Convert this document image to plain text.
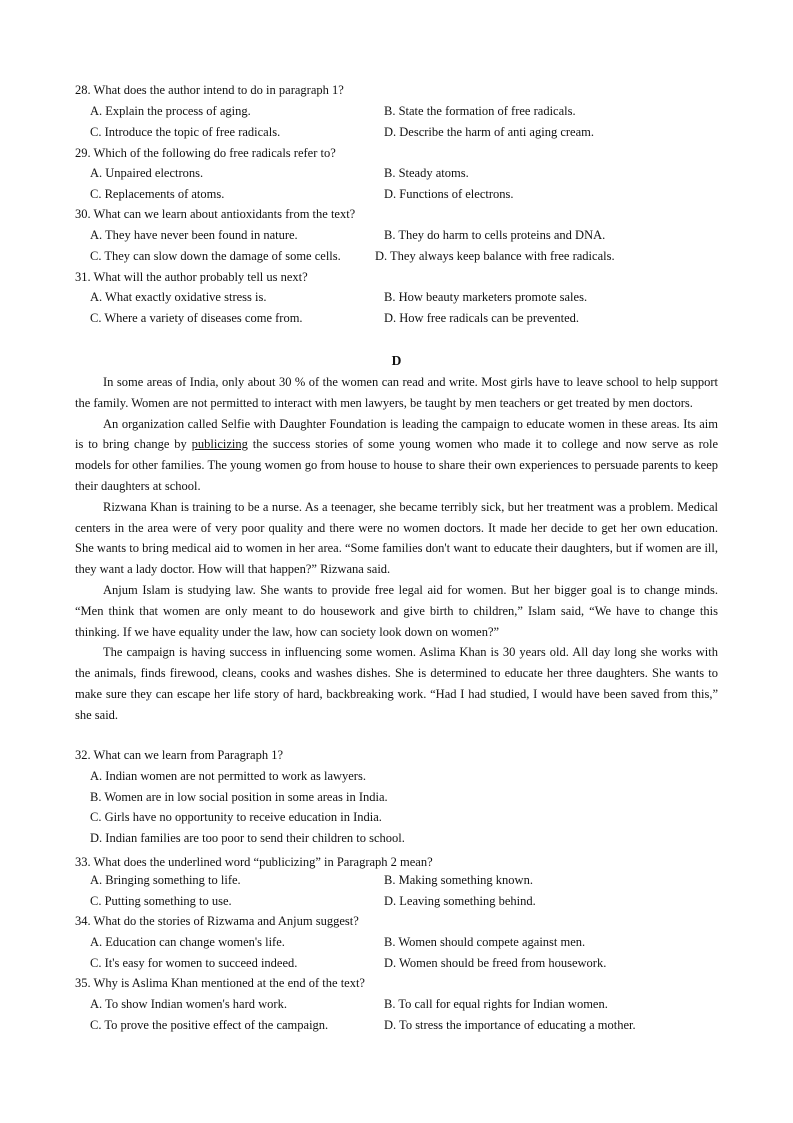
28. What does the author intend to do in paragraph 1?
A. Explain the process of aging.	B. State the formation of free radicals.
C. Introduce the topic of free radicals.	D. Describe the harm of anti aging cream.
29. Which of the following do free radicals refer to?
A. Unpaired electrons.	B. Steady atoms.
C. Replacements of atoms.	D. Functions of electrons.
30. What can we learn about antioxidants from the text?
A. They have never been found in nature.	B. They do harm to cells proteins and DNA.
C. They can slow down the damage of some cells.	D. They always keep balance with free radicals.
31. What will the author probably tell us next?
A. What exactly oxidative stress is.	B. How beauty marketers promote sales.
C. Where a variety of diseases come from.	D. How free radicals can be prevented.
D

In some areas of India, only about 30 % of the women can read and write. Most girls have to leave school to help support the family. Women are not permitted to interact with men lawyers, be taught by men teachers or get treated by men doctors.

An organization called Selfie with Daughter Foundation is leading the campaign to educate women in these areas. Its aim is to bring change by publicizing the success stories of some young women who made it to college and now serve as role models for other families. The young women go from house to house to share their own experiences to persuade parents to keep their daughters at school.

Rizwana Khan is training to be a nurse. As a teenager, she became terribly sick, but her treatment was a problem. Medical centers in the area were of very poor quality and there were no women doctors. It made her decide to get her own education. She wants to bring medical aid to women in her area. “Some families don't want to educate their daughters, but if women are ill, they want a lady doctor. How will that happen?” Rizwana said.

Anjum Islam is studying law. She wants to provide free legal aid for women. But her bigger goal is to change minds. “Men think that women are only meant to do housework and give birth to children,” Islam said, “We have to change this thinking. If we have equality under the law, how can society look down on women?”

The campaign is having success in influencing some women. Aslima Khan is 30 years old. All day long she works with the animals, finds firewood, cleans, cooks and washes dishes. She is determined to educate her three daughters. She wants to make sure they can escape her life story of hard, backbreaking work. “Had I had studied, I would have been saved from this,” she said.

32. What can we learn from Paragraph 1?
A. Indian women are not permitted to work as lawyers.
B. Women are in low social position in some areas in India.
C. Girls have no opportunity to receive education in India.
D. Indian families are too poor to send their children to school.
33. What does the underlined word “publicizing” in Paragraph 2 mean?
A. Bringing something to life.	B. Making something known.
C. Putting something to use.	D. Leaving something behind.
34. What do the stories of Rizwama and Anjum suggest?
A. Education can change women's life.	B. Women should compete against men.
C. It's easy for women to succeed indeed.	D. Women should be freed from housework.
35. Why is Aslima Khan mentioned at the end of the text?
A. To show Indian women's hard work.	B. To call for equal rights for Indian women.
C. To prove the positive effect of the campaign.	D. To stress the importance of educating a mother.
